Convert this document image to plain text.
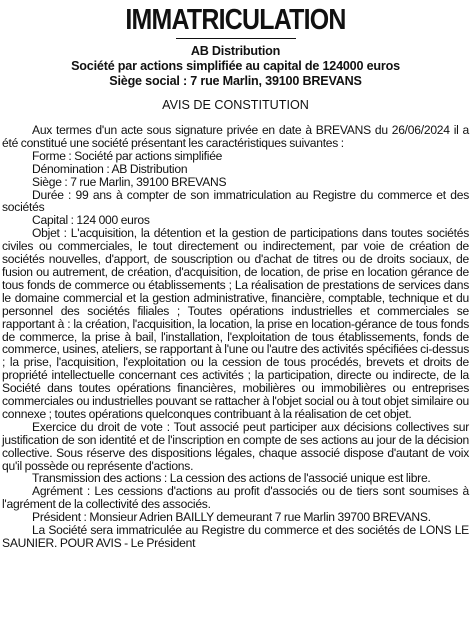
IMMATRICULATION
AB Distribution
Société par actions simplifiée au capital de 124000 euros
Siège social : 7 rue Marlin, 39100 BREVANS
AVIS DE CONSTITUTION

Aux termes d'un acte sous signature privée en date à BREVANS du 26/06/2024 il a été constitué une société présentant les caractéristiques suivantes :

Forme : Société par actions simplifiée

Dénomination : AB Distribution

Siège : 7 rue Marlin, 39100 BREVANS

Durée : 99 ans à compter de son immatriculation au Registre du commerce et des sociétés

Capital : 124 000 euros

Objet : L'acquisition, la détention et la gestion de participations dans toutes sociétés civiles ou commerciales, le tout directement ou indirectement, par voie de création de sociétés nouvelles, d'apport, de souscription ou d'achat de titres ou de droits sociaux, de fusion ou autrement, de création, d'acquisition, de location, de prise en location gérance de tous fonds de commerce ou établissements ; La réalisation de prestations de services dans le domaine commercial et la gestion administrative, financière, comptable, technique et du personnel des sociétés filiales ; Toutes opérations industrielles et commerciales se rapportant à : la création, l'acquisition, la location, la prise en location-gérance de tous fonds de commerce, la prise à bail, l'installation, l'exploitation de tous établissements, fonds de commerce, usines, ateliers, se rapportant à l'une ou l'autre des activités spécifiées ci-dessus ; la prise, l'acquisition, l'exploitation ou la cession de tous procédés, brevets et droits de propriété intellectuelle concernant ces activités ; la participation, directe ou indirecte, de la Société dans toutes opérations financières, mobilières ou immobilières ou entreprises commerciales ou industrielles pouvant se rattacher à l'objet social ou à tout objet similaire ou connexe ; toutes opérations quelconques contribuant à la réalisation de cet objet.

Exercice du droit de vote : Tout associé peut participer aux décisions collectives sur justification de son identité et de l'inscription en compte de ses actions au jour de la décision collective. Sous réserve des dispositions légales, chaque associé dispose d'autant de voix qu'il possède ou représente d'actions.

Transmission des actions : La cession des actions de l'associé unique est libre.

Agrément : Les cessions d'actions au profit d'associés ou de tiers sont soumises à l'agrément de la collectivité des associés.

Président : Monsieur Adrien BAILLY demeurant 7 rue Marlin 39700 BREVANS.

La Société sera immatriculée au Registre du commerce et des sociétés de LONS LE SAUNIER. POUR AVIS - Le Président
